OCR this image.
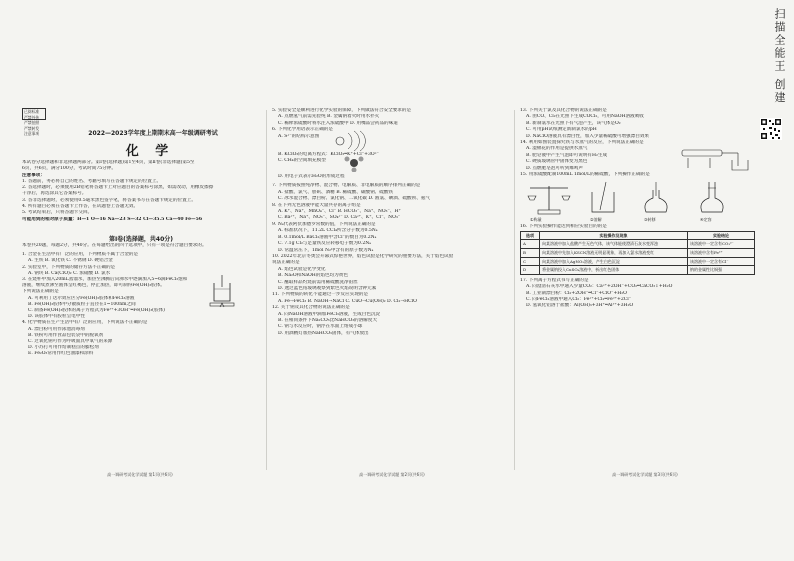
扫描全能王 创建
已阅标准 严禁外传 严禁拍照 严禁转发 注意事项	2022—2023学年度上期期末高一年级调研考试
化 学
本试卷分选择题和非选择题两部分。第Ⅰ卷(选择题)第1至4页，第Ⅱ卷(非选择题)第5至
6页，共6页，满分100分，考试时间75分钟。
注意事项：
1. 答题前，务必将自己的姓名、考籍号填写在答题卡规定的位置上。
2. 答选择题时，必须使用2B铅笔将答题卡上对应题目的答案标号涂黑，如需改动，用橡皮擦擦
干净后，再选涂其它答案标号。
3. 答非选择题时，必须使用0.5毫米黑色签字笔，将答案书写在答题卡规定的位置上。
4. 所有题目必须在答题卡上作答，在试题卷上答题无效。
5. 考试结束后，只将答题卡交回。
可能用到的相对原子质量：H—1 O—16 Na—23 S—32 Cl—35.5 Ca—40 Fe—56
第Ⅰ卷(选择题，共40分)
本卷共20题，每题2分，共40分。在每题给出的四个选项中，只有一项是符合题目要求的。
1. 合金在生活中有广泛的应用，下列物质不属于合金的是
A. 生铁 B. 氧化铁 C. 不锈钢 D. 硬铝合金
2. 实验室中，下列物质的储存方法不正确的是
A. 钠块 B. Ca(ClO)₂ C. 浓硝酸 D. 氯水
3. 在烧杯中加入20mL蒸馏水，加热至沸腾后向沸水中逐滴加入5~6滴FeCl₃饱和
溶液，继续煮沸至液体呈红褐色，停止加热，即可制得Fe(OH)₃胶体。
下列说法正确的是
A. 可利用丁达尔效应区分Fe(OH)₃胶体和FeCl₃溶液
B. Fe(OH)₃胶体中分散质粒子直径在1~100nm之间
C. 制备Fe(OH)₃胶体的离子方程式为Fe³⁺+3OH⁻═Fe(OH)₃(胶体)
D. 该胶体中有胶粒呈电中性
4. 化学物质在生产生活中有广泛的应用，下列说法不正确的是
A. 漂白粉可用作泳池消毒剂
B. 铁粉可用作食品包装袋中的脱氧剂
C. 过氧化钠可作为呼吸面具中氧气的来源
D. 小苏打可用作焙制糕点的膨松剂
E. Fe₂O₃常用作红色油漆和涂料
高一调研考试化学试题 第1页(共6页)
5. 实验安全是顺利进行化学实验的保障，下列做法符合安全要求的是
A. 点燃氢气前需先验纯 B. 金属钠着火时用水扑灭
C. 稀释浓硫酸时将水注入浓硫酸中 D. 用嘴品尝药品的味道
6. 下列化学用语表示正确的是
A. S²⁻的结构示意图
B. KClO₃的电离方程式：KClO₃═K⁺+Cl⁻+3O²⁻
C. CH₄的空间填充模型
D. 用电子式表示H₂O的形成过程
7. 下列物质按照纯净物、混合物、电解质、非电解质的顺序排列正确的是
A. 盐酸、氯气、胆矾、酒精 B. 稀硫酸、碳酸钠、硫酸铁
C. 冰水混合物、漂白粉、氯化钠、二氧化碳 D. 液氯、碘酒、硫酸钡、氨气
8. 在下列无色溶液中能大量共存的离子组是
A. K⁺、Na⁺、MnO₄⁻、Cl⁻ B. HCO₃⁻、Na⁺、NO₃⁻、H⁺
C. Ba²⁺、Na⁺、NO₃⁻、SO₄²⁻ D. Ca²⁺、K⁺、Cl⁻、NO₃⁻
9. Nₐ代表阿伏加德罗常数的值，下列说法正确的是
A. 标准状况下，11.2L CCl₄所含分子数为0.5Nₐ
B. 0.1mol/L BaCl₂溶液中含Cl⁻的数目为0.2Nₐ
C. 7.1g Cl₂与足量铁反应转移电子数为0.2Nₐ
D. 常温常压下，1mol N₂中含有的原子数为Nₐ
10. 2022年北京冬奥会开幕式惊艳世界，焰色试验是化学研究的重要方法，关于焰色试验
说法正确的是
A. 焰色试验是化学变化
B. Na₂O和NaOH的焰色均为黄色
C. 蘸取样品灼烧前需用稀硫酸洗净铂丝
D. 透过蓝色钴玻璃观察到紫色火焰说明含钾元素
11. 下列物质的转化不能通过一步反应实现的是
A. Fe→FeCl₃ B. NaOH→NaCl C. CuO→Cu(OH)₂ D. Cl₂→HClO
12. 关于钠及其化合物的说法正确的是
A. 向NaOH溶液中滴加FeCl₃溶液，生成白色沉淀
B. 在相同条件下Na₂CO₃比NaHCO₃的溶解度大
C. 钠与水反应时，钠浮在水面上熔成小球
D. 用酒精灯加热NaHCO₃固体，有气体放出
高一调研考试化学试题 第2页(共6页)
13. 下列关于氯及其化合物的说法正确的是
A. 由CO、Cl₂在光照下生成COCl₂，可用NaOH溶液吸收
B. 新制氯水在光照下有气泡产生，该气体是O₂
C. 可用pH试纸测定新制氯水的pH
D. NaClO溶液具有漂白性，加入少量稀硫酸可增强漂白效果
14. 利用如图装置探究铁与水蒸气的反应，下列说法正确的是
A. 湿棉花的作用是提供水蒸气
B. 肥皂液中产生气泡即可说明有H₂生成
C. 硬质玻璃管中固体变为黑色
D. 点燃肥皂泡可听到爆鸣声
15. 用浓硫酸配制100mL 1mol/L的稀硫酸，下列操作正确的是
①称量	②溶解	③转移	④定容
16. 下列实验操作能达到相应实验目的的是
选项	实验操作及现象	实验结论
A	向某溶液中加入盐酸产生无色气体，该气体能使澄清石灰水变浑浊	该溶液中一定含有CO₃²⁻
B	向某溶液中先加入KSCN溶液无明显现象，再加入氯水溶液变红	该溶液中含有Fe²⁺
C	向某溶液中加入AgNO₃溶液，产生白色沉淀	该溶液中一定含有Cl⁻
D	将金属钠投入CuSO₄溶液中，析出红色固体	钠的金属性比铜强
17. 下列离子方程式书写正确的是
A. 向澄清石灰水中通入少量CO₂：Ca²⁺+2OH⁻+CO₂═CaCO₃↓+H₂O
B. 工业制漂白粉：Cl₂+2OH⁻═Cl⁻+ClO⁻+H₂O
C. 向FeCl₂溶液中通入Cl₂：Fe²⁺+Cl₂═Fe³⁺+2Cl⁻
D. 氢氧化铝溶于盐酸：Al(OH)₃+3H⁺═Al³⁺+3H₂O
高一调研考试化学试题 第3页(共6页)
